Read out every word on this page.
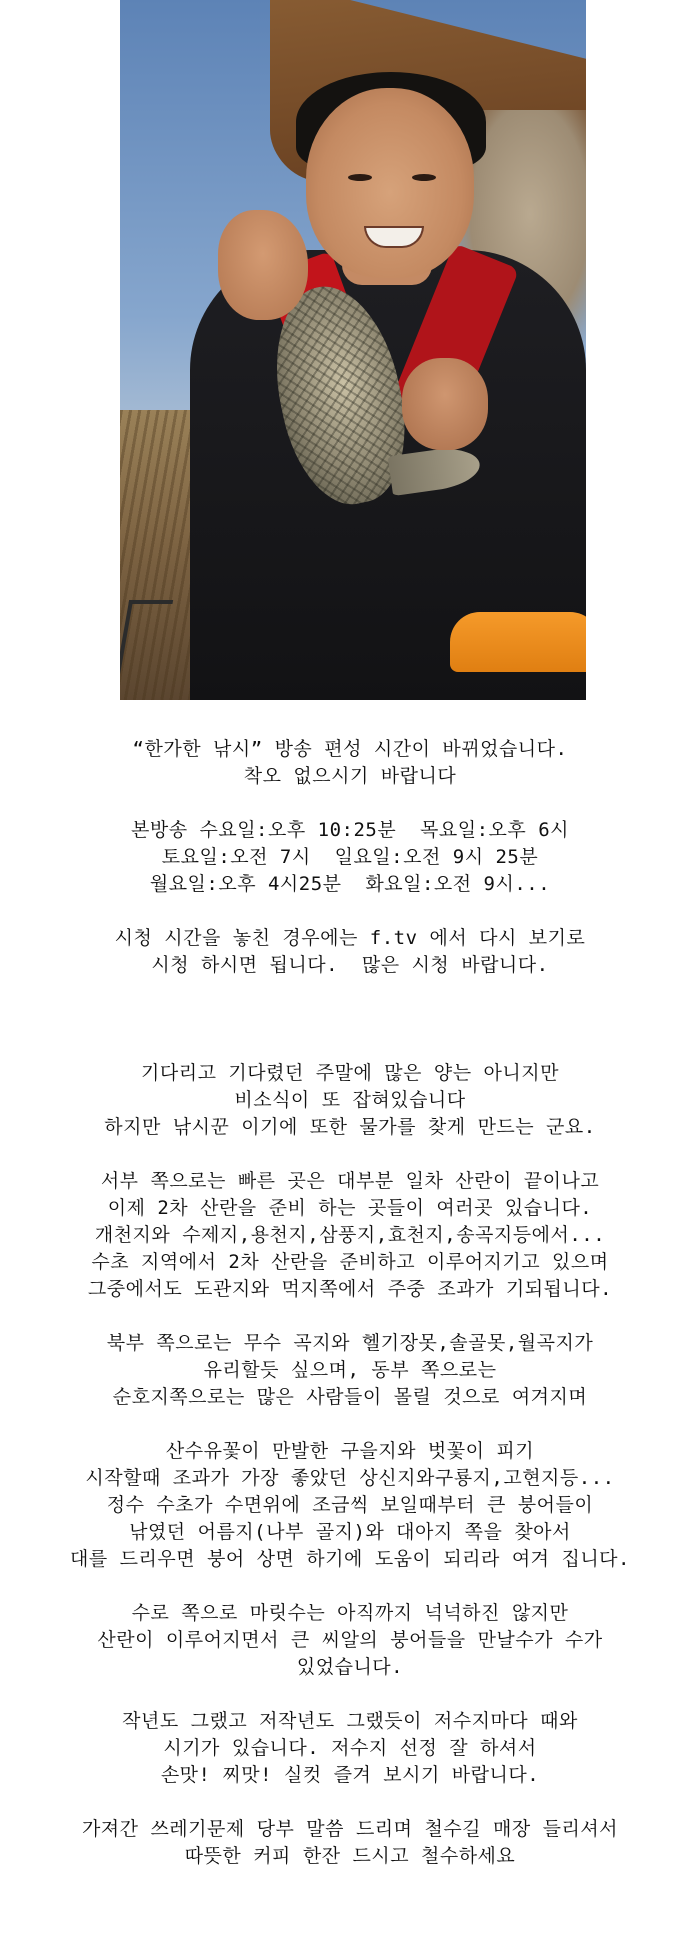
“한가한 낚시” 방송 편성 시간이 바뀌었습니다.
착오 없으시기 바랍니다
본방송 수요일:오후 10:25분  목요일:오후 6시
토요일:오전 7시  일요일:오전 9시 25분
월요일:오후 4시25분  화요일:오전 9시...
시청 시간을 놓친 경우에는 f.tv 에서 다시 보기로
시청 하시면 됩니다.  많은 시청 바랍니다.
기다리고 기다렸던 주말에 많은 양는 아니지만
비소식이 또 잡혀있습니다
하지만 낚시꾼 이기에 또한 물가를 찾게 만드는 군요.
서부 쪽으로는 빠른 곳은 대부분 일차 산란이 끝이나고
이제 2차 산란을 준비 하는 곳들이 여러곳 있습니다.
개천지와 수제지,용천지,삼풍지,효천지,송곡지등에서...
수초 지역에서 2차 산란을 준비하고 이루어지기고 있으며
그중에서도 도관지와 먹지쪽에서 주중 조과가 기되됩니다.
북부 쪽으로는 무수 곡지와 헬기장못,솔골못,월곡지가
유리할듯 싶으며, 동부 쪽으로는
순호지쪽으로는 많은 사람들이 몰릴 것으로 여겨지며
산수유꽃이 만발한 구을지와 벗꽃이 피기
시작할때 조과가 가장 좋았던 상신지와구룡지,고현지등...
정수 수초가 수면위에 조금씩 보일때부터 큰 붕어들이
낚였던 어름지(나부 골지)와 대아지 쪽을 찾아서
대를 드리우면 붕어 상면 하기에 도움이 되리라 여겨 집니다.
수로 쪽으로 마릿수는 아직까지 넉넉하진 않지만
산란이 이루어지면서 큰 씨알의 붕어들을 만날수가 수가
있었습니다.
작년도 그랬고 저작년도 그랬듯이 저수지마다 때와
시기가 있습니다. 저수지 선정 잘 하셔서
손맛! 찌맛! 실컷 즐겨 보시기 바랍니다.
가져간 쓰레기문제 당부 말씀 드리며 철수길 매장 들리셔서
따뜻한 커피 한잔 드시고 철수하세요
